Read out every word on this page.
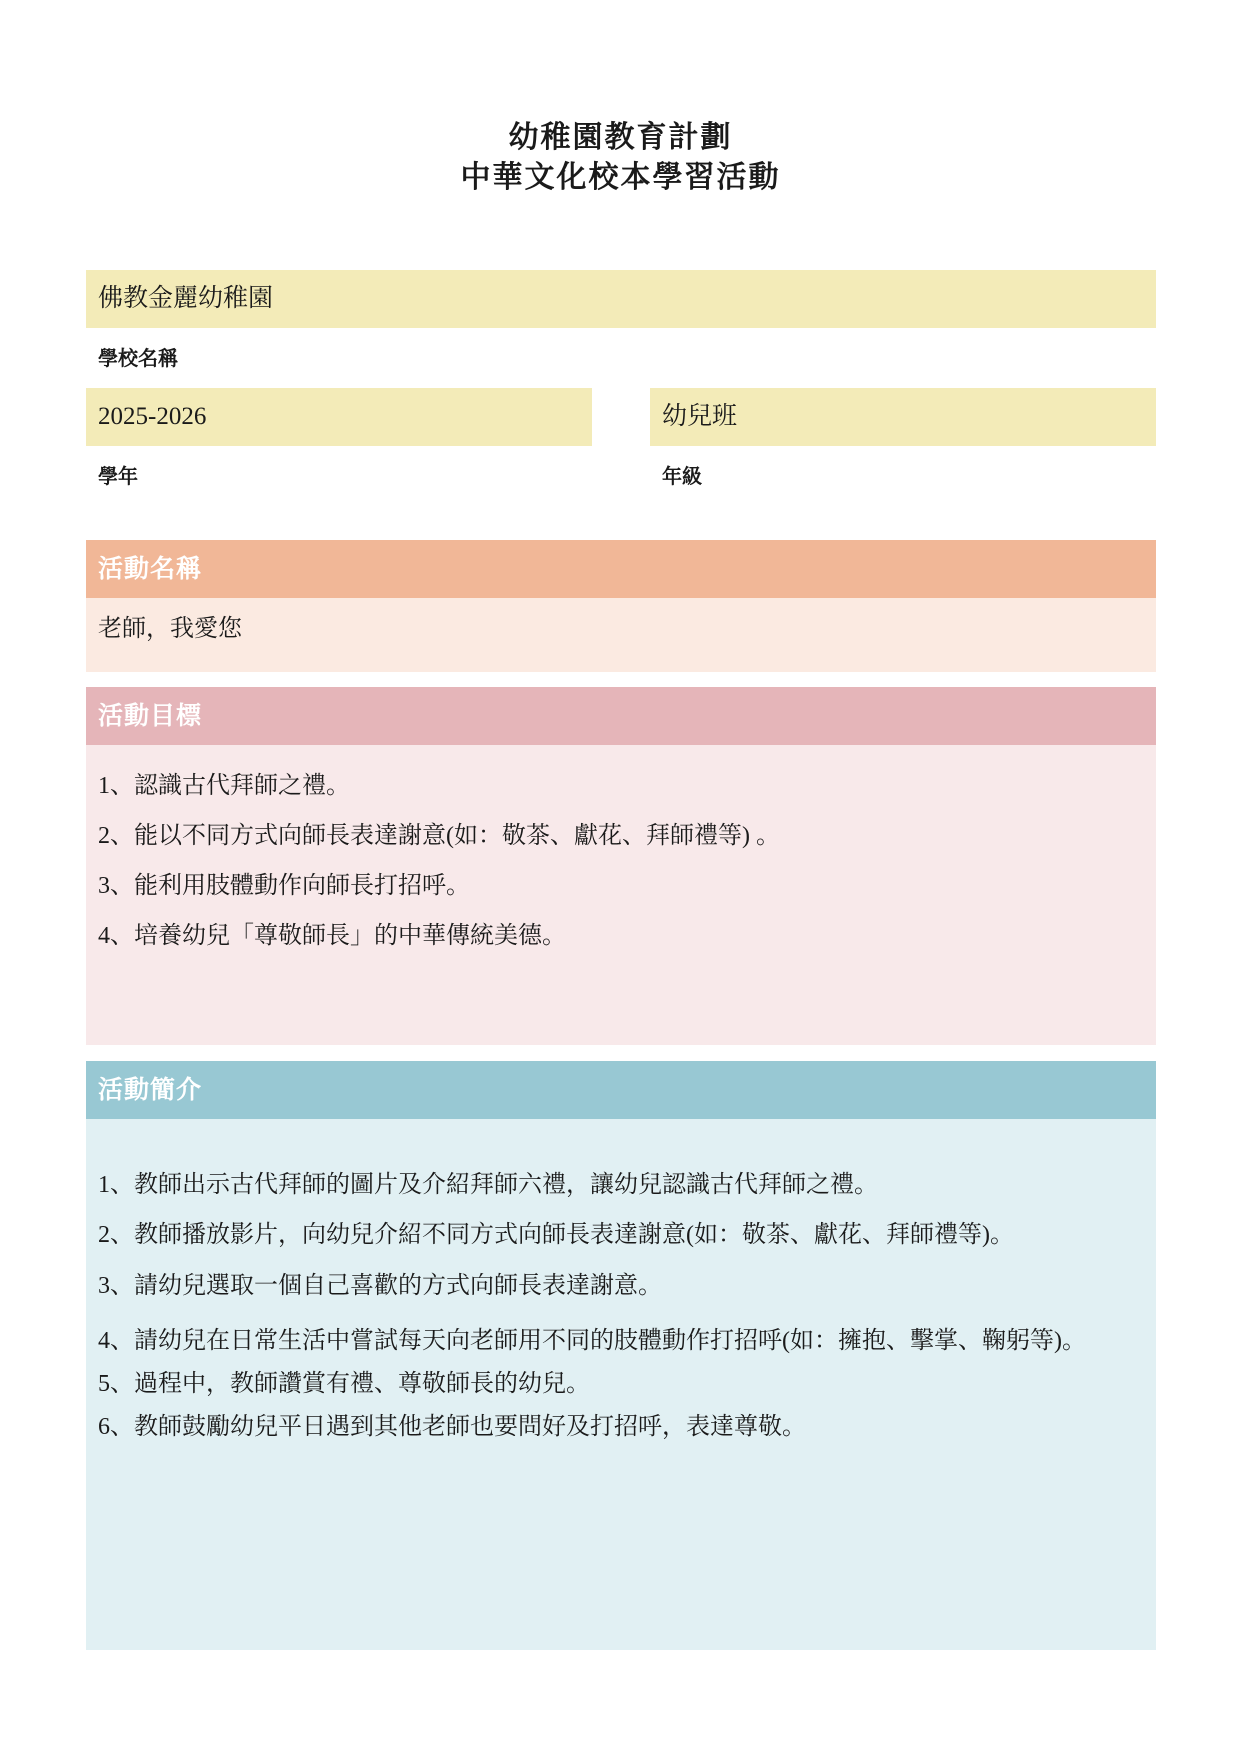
幼稚園教育計劃
中華文化校本學習活動
佛教金麗幼稚園
學校名稱
2025-2026
學年
幼兒班
年級
活動名稱
老師，我愛您
活動目標
1、認識古代拜師之禮。
2、能以不同方式向師長表達謝意(如：敬茶、獻花、拜師禮等) 。
3、能利用肢體動作向師長打招呼。
4、培養幼兒「尊敬師長」的中華傳統美德。
活動簡介
1、教師出示古代拜師的圖片及介紹拜師六禮，讓幼兒認識古代拜師之禮。
2、教師播放影片，向幼兒介紹不同方式向師長表達謝意(如：敬茶、獻花、拜師禮等)。
3、請幼兒選取一個自己喜歡的方式向師長表達謝意。
4、請幼兒在日常生活中嘗試每天向老師用不同的肢體動作打招呼(如：擁抱、擊掌、鞠躬等)。
5、過程中，教師讚賞有禮、尊敬師長的幼兒。
6、教師鼓勵幼兒平日遇到其他老師也要問好及打招呼，表達尊敬。
